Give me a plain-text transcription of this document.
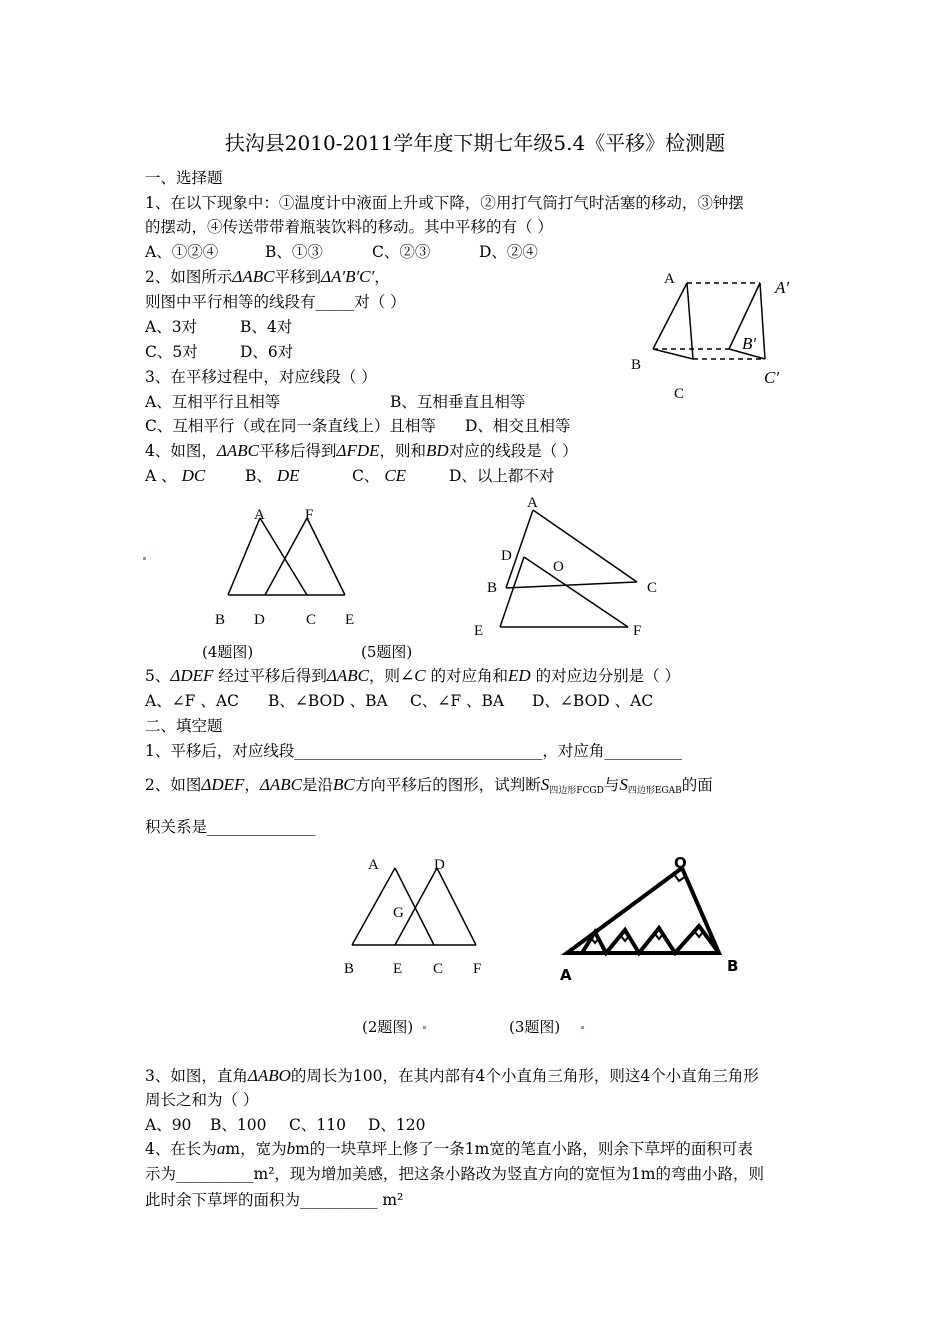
扶沟县2010-2011学年度下期七年级5.4《平移》检测题
一、选择题
1、在以下现象中：①温度计中液面上升或下降，②用打气筒打气时活塞的移动，③钟摆
的摆动，④传送带带着瓶装饮料的移动。其中平移的有（ ）
A、①②④	B、①③	C、②③	D、②④
2、如图所示ΔABC平移到ΔA′B′C′，
则图中平行相等的线段有_____对（ ）
A、3对	B、4对
C、5对	D、6对
A	A′
B′
B
C′
C
3、在平移过程中，对应线段（ ）
A、互相平行且相等	B、互相垂直且相等
C、互相平行（或在同一条直线上）且相等 D、相交且相等
4、如图，ΔABC平移后得到ΔFDE，则和BD对应的线段是（ ）
A 、 DC	B、 DE	C、 CE	D、以上都不对
A	F
B D	C E
(4题图)
A
D
O
B	C
E	F
(5题图)
5、ΔDEF 经过平移后得到ΔABC，则∠C 的对应角和ED 的对应边分别是（ ）
A、∠F 、AC B、∠BOD 、BA C、∠F 、BA D、∠BOD 、AC
二、填空题
1、平移后，对应线段________________________________，对应角__________
2、如图ΔDEF，ΔABC是沿BC方向平移后的图形，试判断$S_{四边形FCGD}$与$S_{四边形EGAB}$的面
积关系是______________
A	D
G
B	E C F
(2题图)
O
A	B
(3题图)
3、如图，直角ΔABO的周长为100，在其内部有4个小直角三角形，则这4个小直角三角形
周长之和为（ ）
A、90 B、100 C、110 D、120
4、在长为am，宽为bm的一块草坪上修了一条1m宽的笔直小路，则余下草坪的面积可表
示为__________m²，现为增加美感，把这条小路改为竖直方向的宽恒为1m的弯曲小路，则
此时余下草坪的面积为__________ m²
